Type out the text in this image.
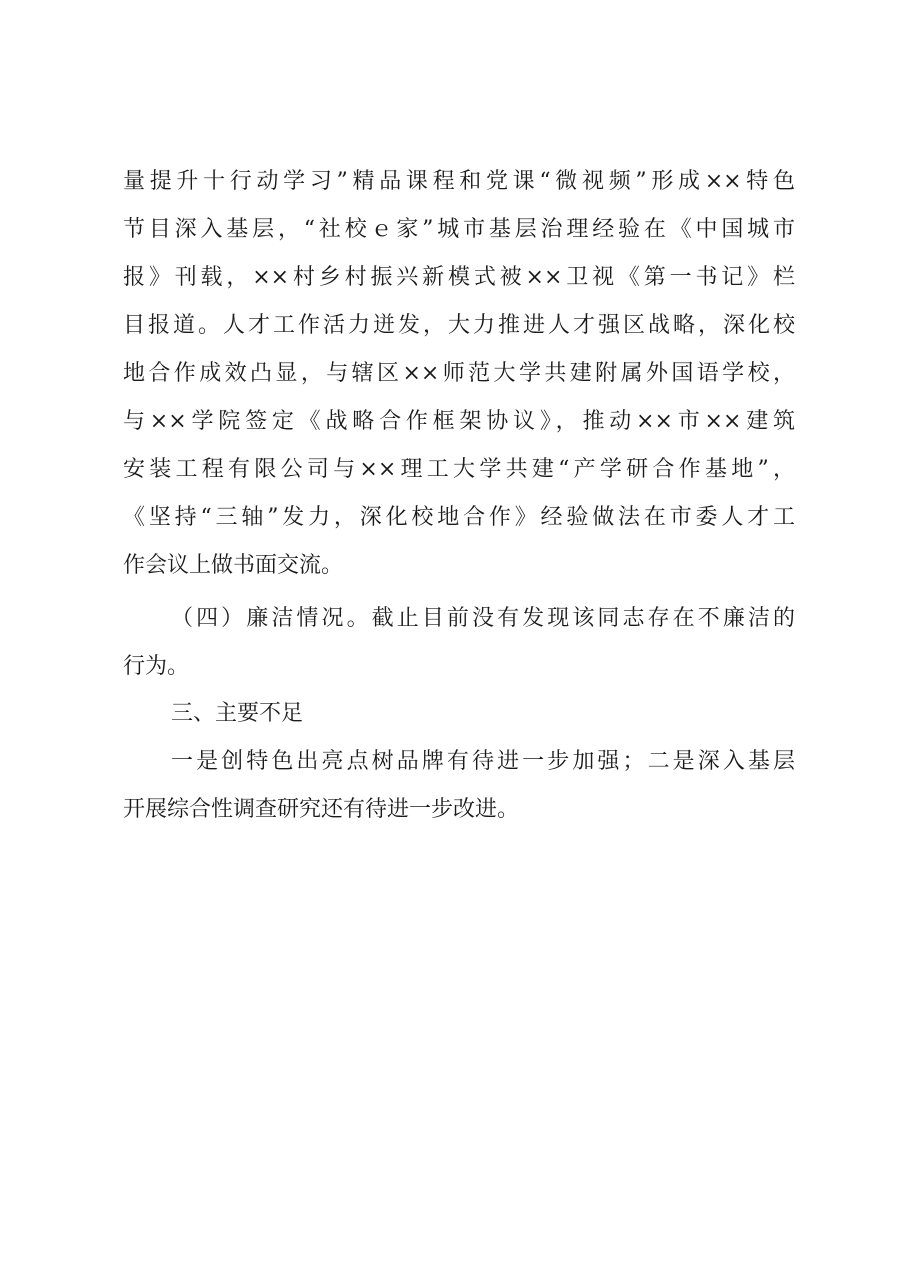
量提升十行动学习”精品课程和党课“微视频”形成××特色
节目深入基层，“社校ｅ家”城市基层治理经验在《中国城市
报》刊载，××村乡村振兴新模式被××卫视《第一书记》栏
目报道。人才工作活力迸发，大力推进人才强区战略，深化校
地合作成效凸显，与辖区××师范大学共建附属外国语学校，
与××学院签定《战略合作框架协议》，推动××市××建筑
安装工程有限公司与××理工大学共建“产学研合作基地”，
《坚持“三轴”发力，深化校地合作》经验做法在市委人才工
作会议上做书面交流。
（四）廉洁情况。截止目前没有发现该同志存在不廉洁的
行为。
三、主要不足
一是创特色出亮点树品牌有待进一步加强；二是深入基层
开展综合性调查研究还有待进一步改进。
